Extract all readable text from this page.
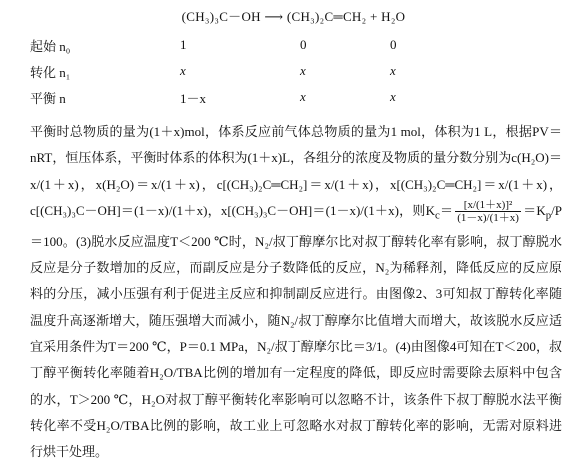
(CH₃)₃C－OH ⟶ (CH₃)₂C═CH₂ + H₂O
起始 n₀	1	0	0
转化 n₁	x	x	x
平衡 n	1－x	x	x
平衡时总物质的量为(1＋x)mol，体系反应前气体总物质的量为1 mol，体积为1 L，根据PV＝nRT，恒压体系，平衡时体系的体积为(1＋x)L，各组分的浓度及物质的量分数分别为c(H₂O)＝x/(1＋x)，x(H₂O)＝x/(1＋x)，c[(CH₃)₂C═CH₂]＝x/(1＋x)，x[(CH₃)₂C═CH₂]＝x/(1＋x)，c[(CH₃)₃C－OH]＝(1－x)/(1＋x)，x[(CH₃)₃C－OH]＝(1－x)/(1＋x)，则$K_c= \frac{\text{[x/(1＋x)]²}}{(1-x)/(1+x)} =K_p/P=100$。(3)脱水反应温度T＜200 ℃时，N₂/叔丁醇摩尔比对叔丁醇转化率有影响，叔丁醇脱水反应是分子数增加的反应，而副反应是分子数降低的反应，N₂为稀释剂，降低反应的反应原料的分压，减小压强有利于促进主反应和抑制副反应进行。由图像2、3可知叔丁醇转化率随温度升高逐渐增大，随压强增大而减小，随N₂/叔丁醇摩尔比值增大而增大，故该脱水反应适宜采用条件为T＝200 ℃，P＝0.1 MPa，N₂/叔丁醇摩尔比＝3/1。(4)由图像4可知在T＜200，叔丁醇平衡转化率随着H₂O/TBA比例的增加有一定程度的降低，即反应时需要除去原料中包含的水，T＞200 ℃，H₂O对叔丁醇平衡转化率影响可以忽略不计，该条件下叔丁醇脱水法平衡转化率不受H₂O/TBA比例的影响，故工业上可忽略水对叔丁醇转化率的影响，无需对原料进行烘干处理。
